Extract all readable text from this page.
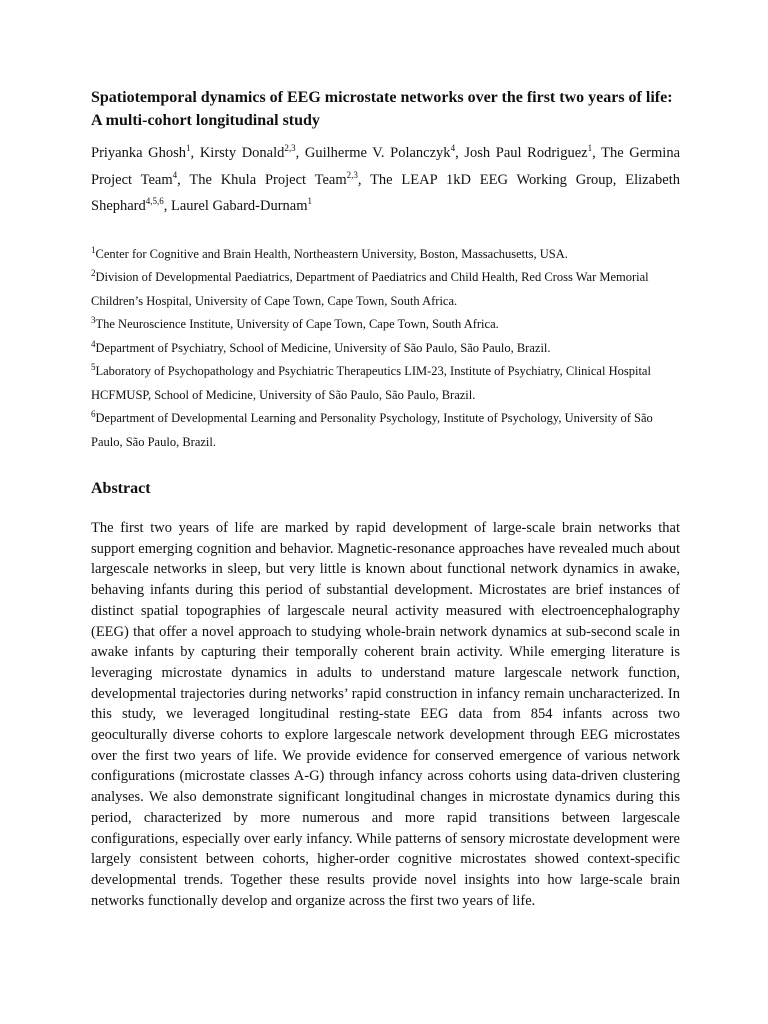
Spatiotemporal dynamics of EEG microstate networks over the first two years of life: A multi-cohort longitudinal study

Priyanka Ghosh$^1$, Kirsty Donald$^{2,3}$, Guilherme V. Polanczyk$^4$, Josh Paul Rodriguez$^1$, The Germina Project Team$^4$, The Khula Project Team$^{2,3}$, The LEAP 1kD EEG Working Group, Elizabeth Shephard$^{4,5,6}$, Laurel Gabard-Durnam$^1$

$^1$Center for Cognitive and Brain Health, Northeastern University, Boston, Massachusetts, USA.

$^2$Division of Developmental Paediatrics, Department of Paediatrics and Child Health, Red Cross War Memorial Children’s Hospital, University of Cape Town, Cape Town, South Africa.

$^3$The Neuroscience Institute, University of Cape Town, Cape Town, South Africa.

$^4$Department of Psychiatry, School of Medicine, University of São Paulo, São Paulo, Brazil.

$^5$Laboratory of Psychopathology and Psychiatric Therapeutics LIM-23, Institute of Psychiatry, Clinical Hospital HCFMUSP, School of Medicine, University of São Paulo, São Paulo, Brazil.

$^6$Department of Developmental Learning and Personality Psychology, Institute of Psychology, University of São Paulo, São Paulo, Brazil.

Abstract

The first two years of life are marked by rapid development of large-scale brain networks that support emerging cognition and behavior. Magnetic-resonance approaches have revealed much about largescale networks in sleep, but very little is known about functional network dynamics in awake, behaving infants during this period of substantial development. Microstates are brief instances of distinct spatial topographies of largescale neural activity measured with electroencephalography (EEG) that offer a novel approach to studying whole-brain network dynamics at sub-second scale in awake infants by capturing their temporally coherent brain activity. While emerging literature is leveraging microstate dynamics in adults to understand mature largescale network function, developmental trajectories during networks’ rapid construction in infancy remain uncharacterized. In this study, we leveraged longitudinal resting-state EEG data from 854 infants across two geoculturally diverse cohorts to explore largescale network development through EEG microstates over the first two years of life. We provide evidence for conserved emergence of various network configurations (microstate classes A-G) through infancy across cohorts using data-driven clustering analyses. We also demonstrate significant longitudinal changes in microstate dynamics during this period, characterized by more numerous and more rapid transitions between largescale configurations, especially over early infancy. While patterns of sensory microstate development were largely consistent between cohorts, higher-order cognitive microstates showed context-specific developmental trends. Together these results provide novel insights into how large-scale brain networks functionally develop and organize across the first two years of life.
